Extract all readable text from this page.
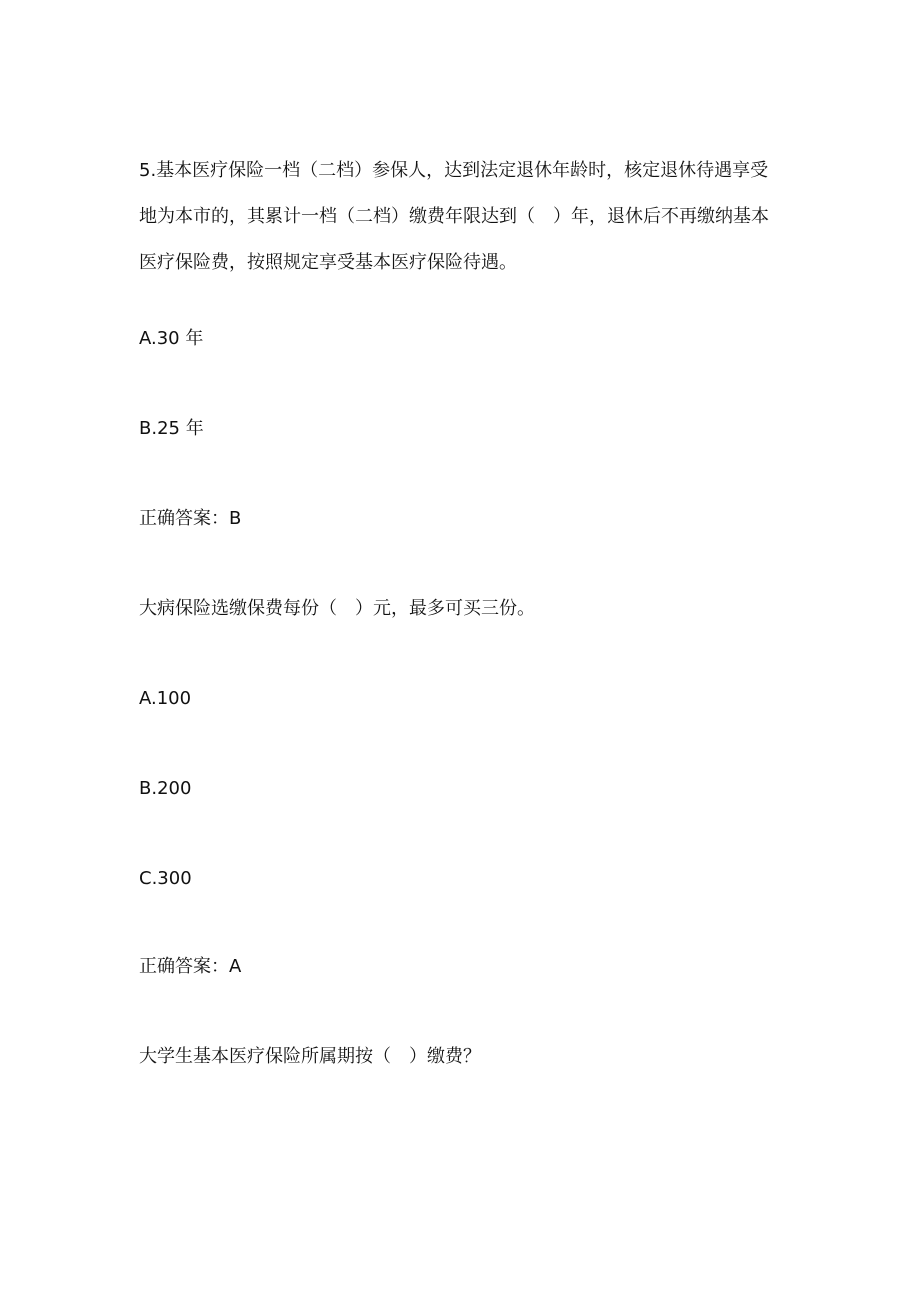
5.基本医疗保险一档（二档）参保人，达到法定退休年龄时，核定退休待遇享受
地为本市的，其累计一档（二档）缴费年限达到（　）年，退休后不再缴纳基本
医疗保险费，按照规定享受基本医疗保险待遇。
A.30 年
B.25 年
正确答案：B
大病保险选缴保费每份（　）元，最多可买三份。
A.100
B.200
C.300
正确答案：A
大学生基本医疗保险所属期按（　）缴费？
